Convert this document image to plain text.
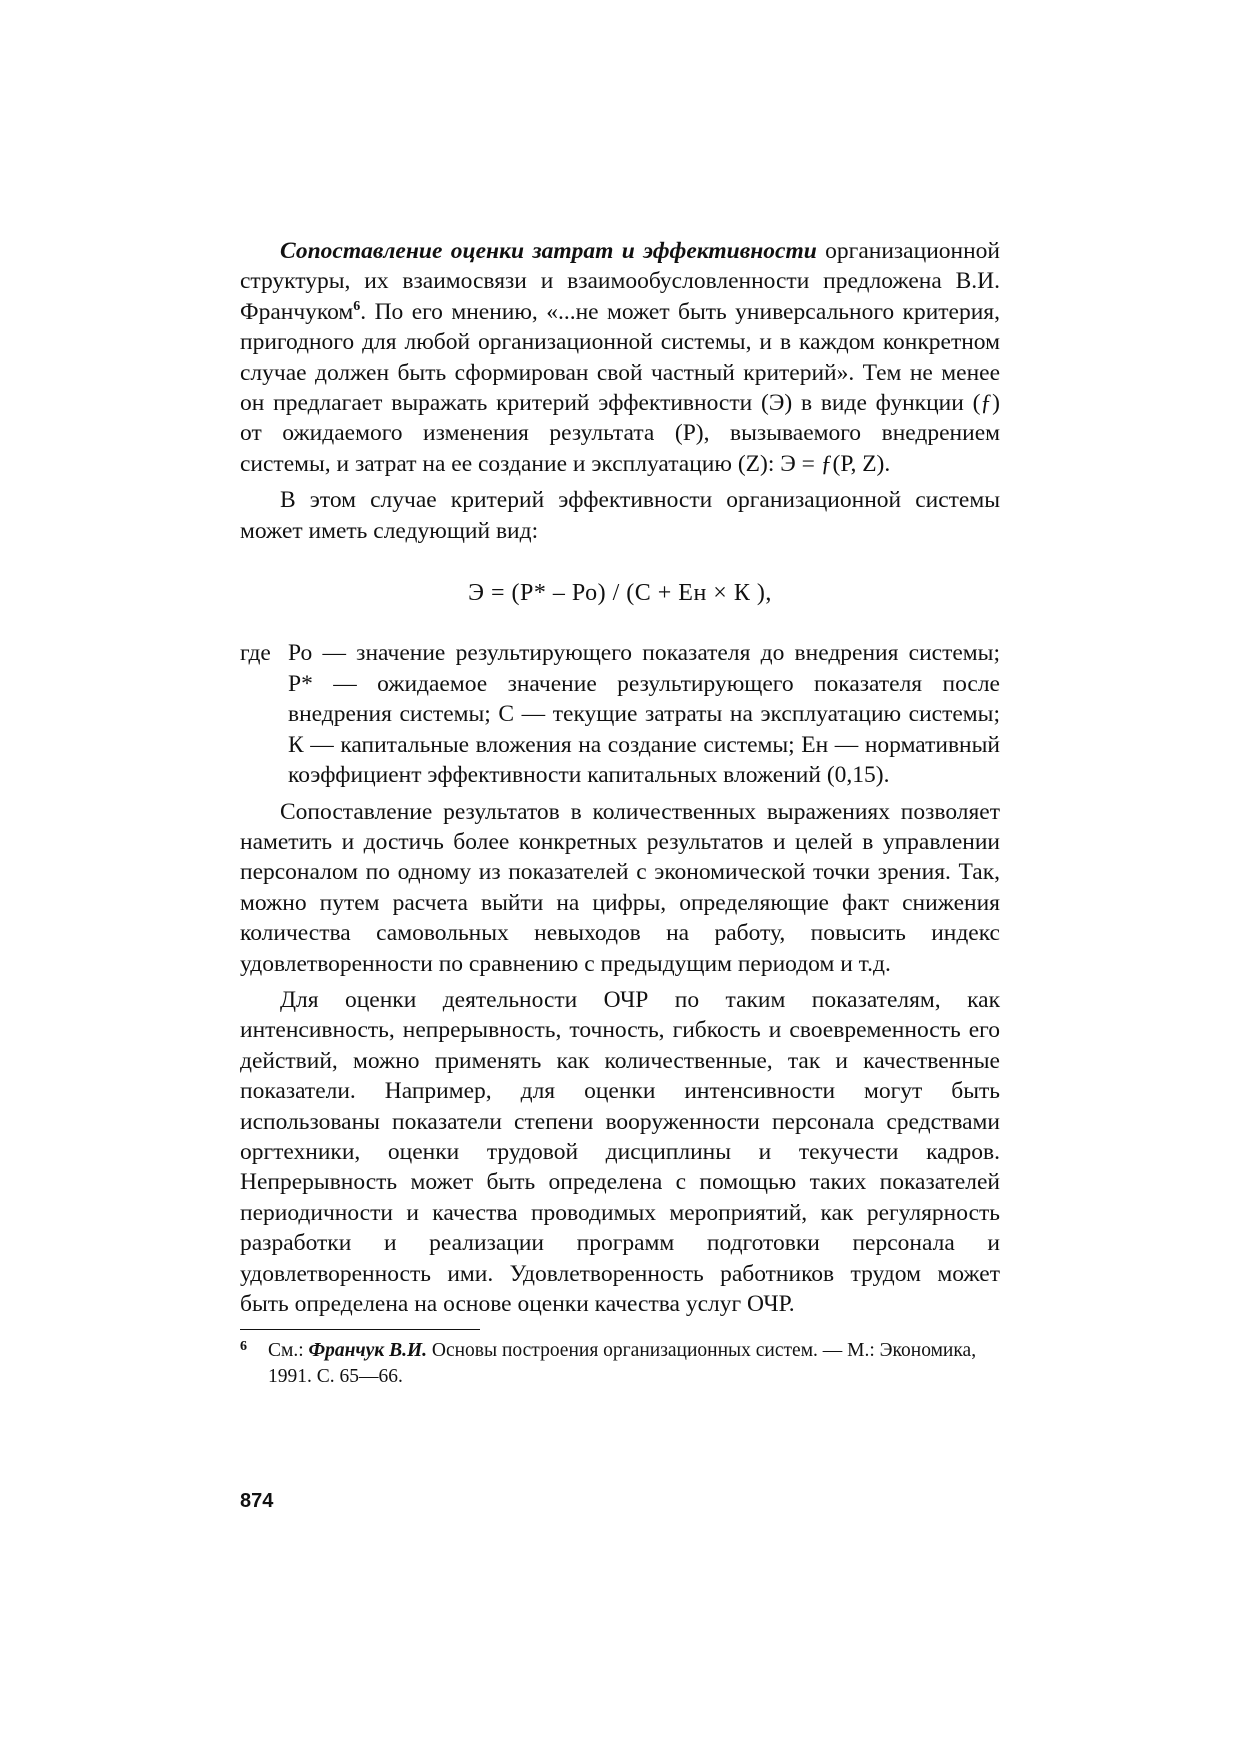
Сопоставление оценки затрат и эффективности организационной структуры, их взаимосвязи и взаимообусловленности предложена В.И. Франчуком$^6$. По его мнению, «...не может быть универсального критерия, пригодного для любой организационной системы, и в каждом конкретном случае должен быть сформирован свой частный критерий». Тем не менее он предлагает выражать критерий эффективности (Э) в виде функции (ƒ) от ожидаемого изменения результата (Р), вызываемого внедрением системы, и затрат на ее создание и эксплуатацию (Z): Э = ƒ(Р, Z).

В этом случае критерий эффективности организационной системы может иметь следующий вид:

Э = (Р* – Ро) / (С + Ен × К ),
где Ро — значение результирующего показателя до внедрения системы; Р* — ожидаемое значение результирующего показателя после внедрения системы; С — текущие затраты на эксплуатацию системы; К — капитальные вложения на создание системы; Ен — нормативный коэффициент эффективности капитальных вложений (0,15).

Сопоставление результатов в количественных выражениях позволяет наметить и достичь более конкретных результатов и целей в управлении персоналом по одному из показателей с экономической точки зрения. Так, можно путем расчета выйти на цифры, определяющие факт снижения количества самовольных невыходов на работу, повысить индекс удовлетворенности по сравнению с предыдущим периодом и т.д.

Для оценки деятельности ОЧР по таким показателям, как интенсивность, непрерывность, точность, гибкость и своевременность его действий, можно применять как количественные, так и качественные показатели. Например, для оценки интенсивности могут быть использованы показатели степени вооруженности персонала средствами оргтехники, оценки трудовой дисциплины и текучести кадров. Непрерывность может быть определена с помощью таких показателей периодичности и качества проводимых мероприятий, как регулярность разработки и реализации программ подготовки персонала и удовлетворенность ими. Удовлетворенность работников трудом может быть определена на основе оценки качества услуг ОЧР.

6 См.: Франчук В.И. Основы построения организационных систем. — М.: Экономика, 1991. С. 65—66.

874
